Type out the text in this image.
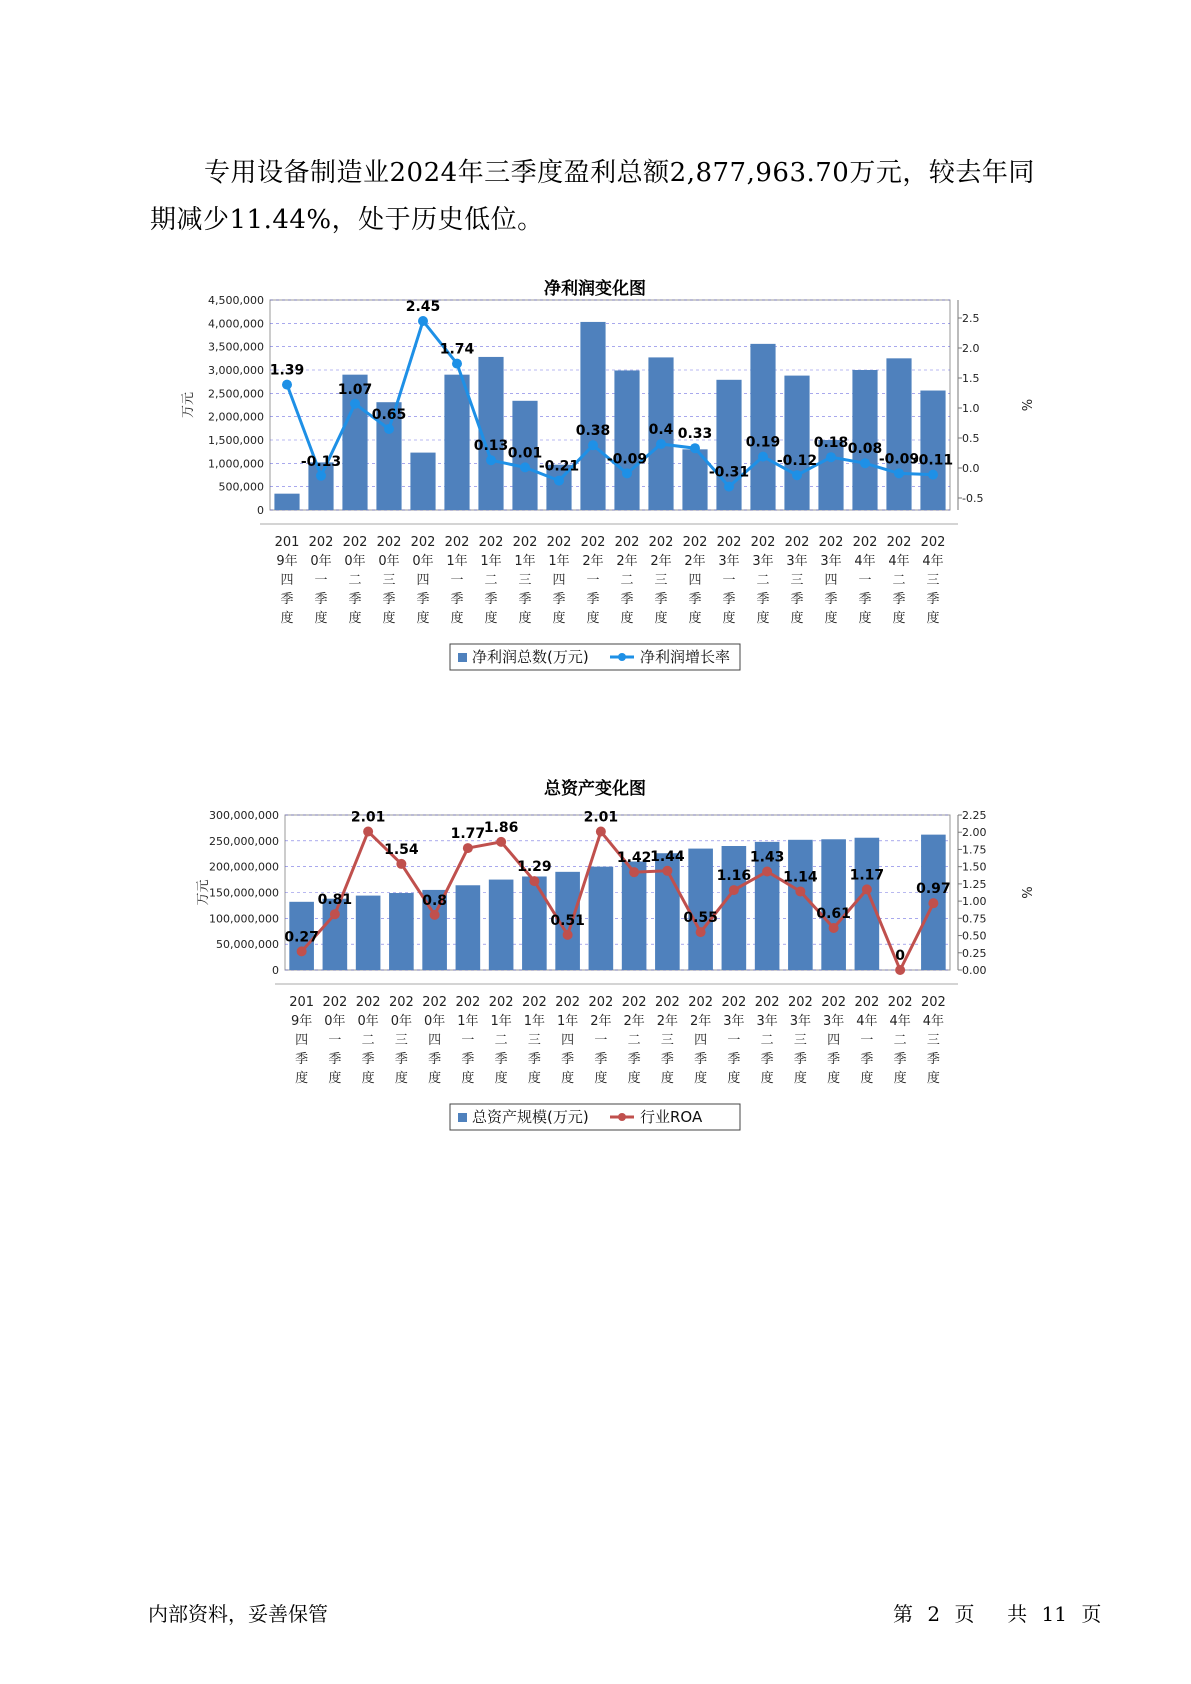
专用设备制造业2024年三季度盈利总额2,877,963.70万元，较去年同
期减少11.44%，处于历史低位。
净利润变化图
0
500,000
1,000,000
1,500,000
2,000,000
2,500,000
3,000,000
3,500,000
4,000,000
4,500,000
-0.5
0.0
0.5
1.0
1.5
2.0
2.5
万元	%
201
9年
四
季
度
202
0年
一
季
度
202
0年
二
季
度
202
0年
三
季
度
202
0年
四
季
度
202
1年
一
季
度
202
1年
二
季
度
202
1年
三
季
度
202
1年
四
季
度
202
2年
一
季
度
202
2年
二
季
度
202
2年
三
季
度
202
2年
四
季
度
202
3年
一
季
度
202
3年
二
季
度
202
3年
三
季
度
202
3年
四
季
度
202
4年
一
季
度
202
4年
二
季
度
202
4年
三
季
度
1.39
-0.13
1.07
0.65
2.45
1.74
0.13 0.01
-0.21
0.38
-0.09
0.4 0.33
-0.31
0.19
-0.12
0.18 0.08
-0.09
-0.11
净利润总数(万元)	净利润增长率
总资产变化图
0
50,000,000
100,000,000
150,000,000
200,000,000
250,000,000
300,000,000
0.00
0.25
0.50
0.75
1.00
1.25
1.50
1.75
2.00
2.25
万元	%
201
9年
四
季
度
202
0年
一
季
度
202
0年
二
季
度
202
0年
三
季
度
202
0年
四
季
度
202
1年
一
季
度
202
1年
二
季
度
202
1年
三
季
度
202
1年
四
季
度
202
2年
一
季
度
202
2年
二
季
度
202
2年
三
季
度
202
2年
四
季
度
202
3年
一
季
度
202
3年
二
季
度
202
3年
三
季
度
202
3年
四
季
度
202
4年
一
季
度
202
4年
二
季
度
202
4年
三
季
度
0.27
0.81
2.01
1.54
0.8
1.77
1.86
1.29
0.51
2.01
1.42
1.44
0.55
1.16
1.43
1.14
0.61
1.17
0
0.97
总资产规模(万元)	行业ROA
内部资料，妥善保管	第 2 页 共 11 页
